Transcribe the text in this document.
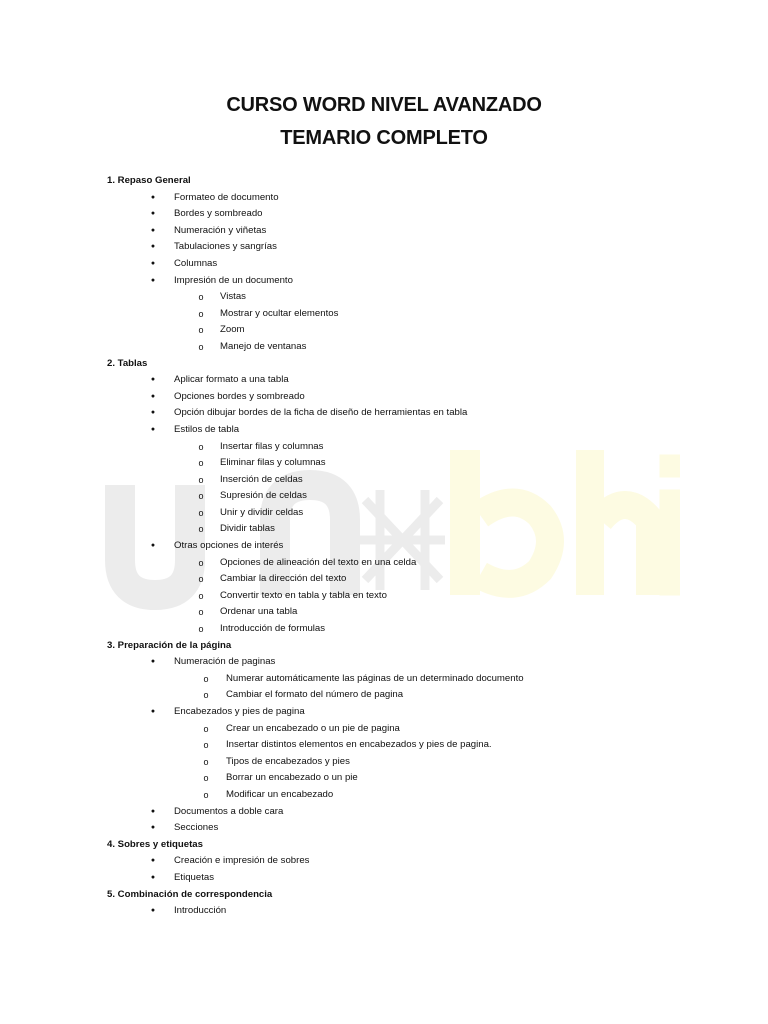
CURSO WORD NIVEL AVANZADO
TEMARIO COMPLETO
1. Repaso General
●	Formateo de documento
●	Bordes y sombreado
●	Numeración y viñetas
●	Tabulaciones y sangrías
●	Columnas
●	Impresión de un documento
o	Vistas
o	Mostrar y ocultar elementos
o	Zoom
o	Manejo de ventanas
2. Tablas
●	Aplicar formato a una tabla
●	Opciones bordes y sombreado
●	Opción dibujar bordes de la ficha de diseño de herramientas en tabla
●	Estilos de tabla
o	Insertar filas y columnas
o	Eliminar filas y columnas
o	Inserción de celdas
o	Supresión de celdas
o	Unir y dividir celdas
o	Dividir tablas
●	Otras opciones de interés
o	Opciones de alineación del texto en una celda
o	Cambiar la dirección del texto
o	Convertir texto en tabla y tabla en texto
o	Ordenar una tabla
o	Introducción de formulas
3. Preparación de la página
●	Numeración de paginas
o	Numerar automáticamente las páginas de un determinado documento
o	Cambiar el formato del número de pagina
●	Encabezados y pies de pagina
o	Crear un encabezado o un pie de pagina
o	Insertar distintos elementos en encabezados y pies de pagina.
o	Tipos de encabezados y pies
o	Borrar un encabezado o un pie
o	Modificar un encabezado
●	Documentos a doble cara
●	Secciones
4. Sobres y etiquetas
●	Creación e impresión de sobres
●	Etiquetas
5. Combinación de correspondencia
●	Introducción
